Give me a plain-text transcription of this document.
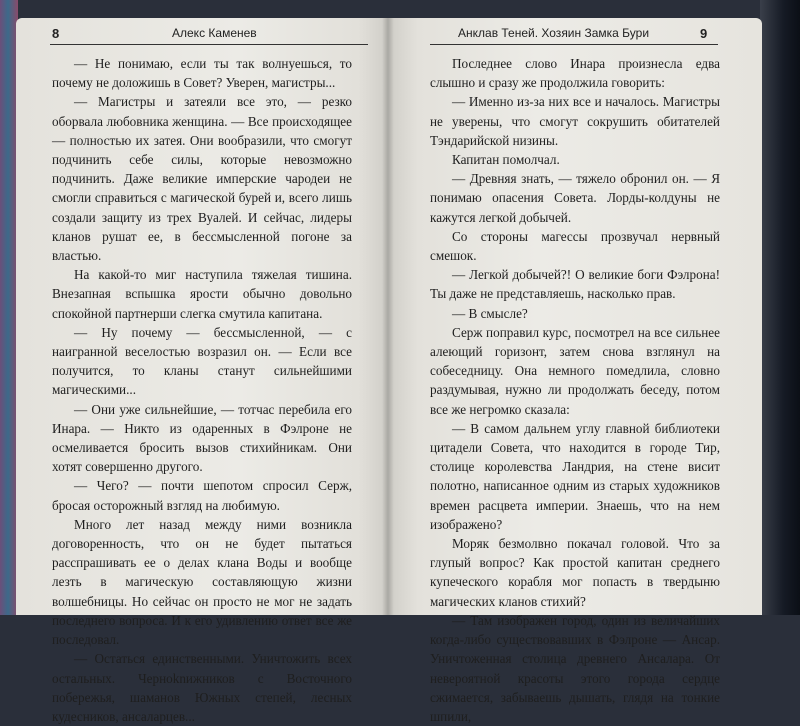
8	Алекс Каменев	Анклав Теней. Хозяин Замка Бури	9

— Не понимаю, если ты так волнуешься, то почему не доложишь в Совет? Уверен, магистры...

— Магистры и затеяли все это, — резко оборвала любовника женщина. — Все происходящее — полностью их затея. Они вообразили, что смогут подчинить себе силы, которые невозможно подчинить. Даже великие имперские чародеи не смогли справиться с магической бурей и, всего лишь создали защиту из трех Вуалей. И сейчас, лидеры кланов рушат ее, в бессмысленной погоне за властью.

На какой-то миг наступила тяжелая тишина. Внезапная вспышка ярости обычно довольно спокойной партнерши слегка смутила капитана.

— Ну почему — бессмысленной, — с наигранной веселостью возразил он. — Если все получится, то кланы станут сильнейшими магическими...

— Они уже сильнейшие, — тотчас перебила его Инара. — Никто из одаренных в Фэлроне не осмеливается бросить вызов стихийникам. Они хотят совершенно другого.

— Чего? — почти шепотом спросил Серж, бросая осторожный взгляд на любимую.

Много лет назад между ними возникла договоренность, что он не будет пытаться расспрашивать ее о делах клана Воды и вообще лезть в магическую составляющую жизни волшебницы. Но сейчас он просто не мог не задать последнего вопроса. И к его удивлению ответ все же последовал.

— Остаться единственными. Уничтожить всех остальных. Черноknижников с Восточного побережья, шаманов Южных степей, лесных кудесников, ансаларцев...

Последнее слово Инара произнесла едва слышно и сразу же продолжила говорить:

— Именно из-за них все и началось. Магистры не уверены, что смогут сокрушить обитателей Тэндарийской низины.

Капитан помолчал.

— Древняя знать, — тяжело обронил он. — Я понимаю опасения Совета. Лорды-колдуны не кажутся легкой добычей.

Со стороны магессы прозвучал нервный смешок.

— Легкой добычей?! О великие боги Фэлрона! Ты даже не представляешь, насколько прав.

— В смысле?

Серж поправил курс, посмотрел на все сильнее алеющий горизонт, затем снова взглянул на собеседницу. Она немного помедлила, словно раздумывая, нужно ли продолжать беседу, потом все же негромко сказала:

— В самом дальнем углу главной библиотеки цитадели Совета, что находится в городе Тир, столице королевства Ландрия, на стене висит полотно, написанное одним из старых художников времен расцвета империи. Знаешь, что на нем изображено?

Моряк безмолвно покачал головой. Что за глупый вопрос? Как простой капитан среднего купеческого корабля мог попасть в твердыню магических кланов стихий?

— Там изображен город, один из величайших когда-либо существовавших в Фэлроне — Ансар. Уничтоженная столица древнего Ансалара. От невероятной красоты этого города сердце сжимается, забываешь дышать, глядя на тонкие шпили,
